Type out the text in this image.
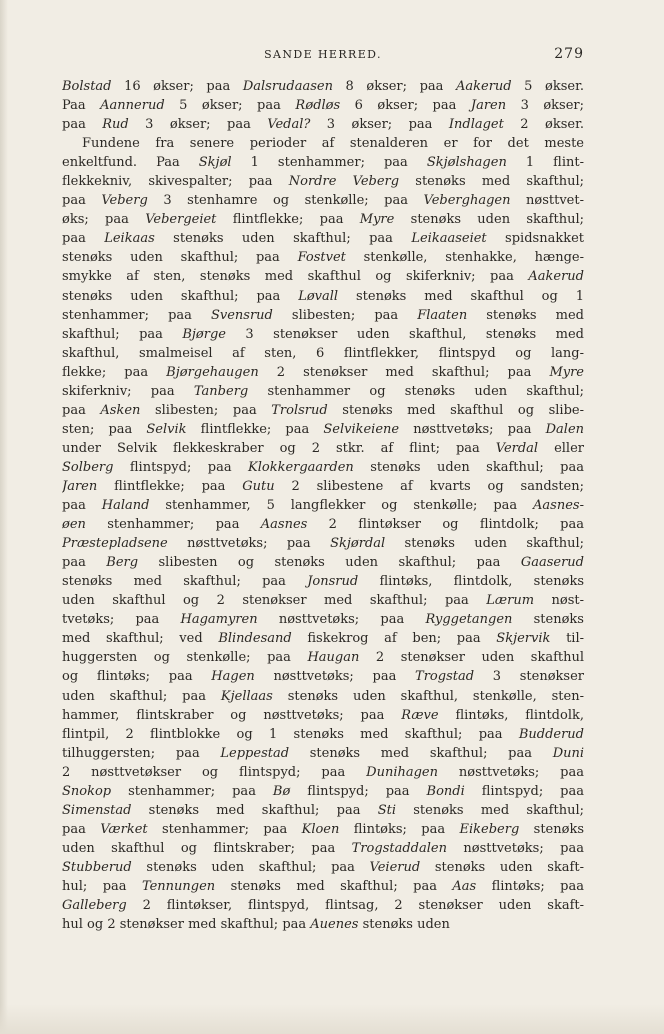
SANDE HERRED.	279
Bolstad 16 økser; paa Dalsrudaasen 8 økser; paa Aakerud 5 økser.
Paa Aannerud 5 økser; paa Rødløs 6 økser; paa Jaren 3 økser;
paa Rud 3 økser; paa Vedal? 3 økser; paa Indlaget 2 økser.
Fundene fra senere perioder af stenalderen er for det meste
enkeltfund. Paa Skjøl 1 stenhammer; paa Skjølshagen 1 flint-
flekkekniv, skivespalter; paa Nordre Veberg stenøks med skafthul;
paa Veberg 3 stenhamre og stenkølle; paa Veberghagen nøsttvet-
øks; paa Vebergeiet flintflekke; paa Myre stenøks uden skafthul;
paa Leikaas stenøks uden skafthul; paa Leikaaseiet spidsnakket
stenøks uden skafthul; paa Fostvet stenkølle, stenhakke, hænge-
smykke af sten, stenøks med skafthul og skiferkniv; paa Aakerud
stenøks uden skafthul; paa Løvall stenøks med skafthul og 1
stenhammer; paa Svensrud slibesten; paa Flaaten stenøks med
skafthul; paa Bjørge 3 stenøkser uden skafthul, stenøks med
skafthul, smalmeisel af sten, 6 flintflekker, flintspyd og lang-
flekke; paa Bjørgehaugen 2 stenøkser med skafthul; paa Myre
skiferkniv; paa Tanberg stenhammer og stenøks uden skafthul;
paa Asken slibesten; paa Trolsrud stenøks med skafthul og slibe-
sten; paa Selvik flintflekke; paa Selvikeiene nøsttvetøks; paa Dalen
under Selvik flekkeskraber og 2 stkr. af flint; paa Verdal eller
Solberg flintspyd; paa Klokkergaarden stenøks uden skafthul; paa
Jaren flintflekke; paa Gutu 2 slibestene af kvarts og sandsten;
paa Haland stenhammer, 5 langflekker og stenkølle; paa Aasnes-
øen stenhammer; paa Aasnes 2 flintøkser og flintdolk; paa
Præstepladsene nøsttvetøks; paa Skjørdal stenøks uden skafthul;
paa Berg slibesten og stenøks uden skafthul; paa Gaaserud
stenøks med skafthul; paa Jonsrud flintøks, flintdolk, stenøks
uden skafthul og 2 stenøkser med skafthul; paa Lærum nøst-
tvetøks; paa Hagamyren nøsttvetøks; paa Ryggetangen stenøks
med skafthul; ved Blindesand fiskekrog af ben; paa Skjervik til-
huggersten og stenkølle; paa Haugan 2 stenøkser uden skafthul
og flintøks; paa Hagen nøsttvetøks; paa Trogstad 3 stenøkser
uden skafthul; paa Kjellaas stenøks uden skafthul, stenkølle, sten-
hammer, flintskraber og nøsttvetøks; paa Ræve flintøks, flintdolk,
flintpil, 2 flintblokke og 1 stenøks med skafthul; paa Budderud
tilhuggersten; paa Leppestad stenøks med skafthul; paa Duni
2 nøsttvetøkser og flintspyd; paa Dunihagen nøsttvetøks; paa
Snokop stenhammer; paa Bø flintspyd; paa Bondi flintspyd; paa
Simenstad stenøks med skafthul; paa Sti stenøks med skafthul;
paa Værket stenhammer; paa Kloen flintøks; paa Eikeberg stenøks
uden skafthul og flintskraber; paa Trogstaddalen nøsttvetøks; paa
Stubberud stenøks uden skafthul; paa Veierud stenøks uden skaft-
hul; paa Tennungen stenøks med skafthul; paa Aas flintøks; paa
Galleberg 2 flintøkser, flintspyd, flintsag, 2 stenøkser uden skaft-
hul og 2 stenøkser med skafthul; paa Auenes stenøks uden
